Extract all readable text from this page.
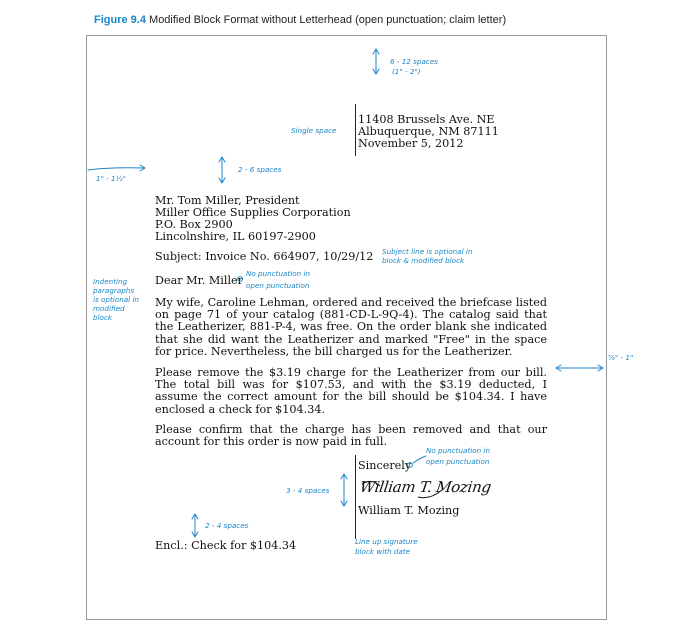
Figure 9.4 Modified Block Format without Letterhead (open punctuation; claim letter)
11408 Brussels Ave. NE
Albuquerque, NM 87111
November 5, 2012
Mr. Tom Miller, President
Miller Office Supplies Corporation
P.O. Box 2900
Lincolnshire, IL 60197-2900
Subject: Invoice No. 664907, 10/29/12
Dear Mr. Miller
My wife, Caroline Lehman, ordered and received the briefcase listed on page 71 of your catalog (881-CD-L-9Q-4). The catalog said that the Leatherizer, 881-P-4, was free. On the order blank she indicated that she did want the Leatherizer and marked "Free" in the space for price. Nevertheless, the bill charged us for the Leatherizer.
Please remove the $3.19 charge for the Leatherizer from our bill. The total bill was for $107.53, and with the $3.19 deducted, I assume the correct amount for the bill should be $104.34. I have enclosed a check for $104.34.
Please confirm that the charge has been removed and that our account for this order is now paid in full.
Sincerely
William T. Mozing
William T. Mozing
Encl.: Check for $104.34
6 - 12 spaces
(1" - 2")
Single space
2 - 6 spaces
1" - 1½"
Subject line is optional in
block & modified block
No punctuation in
open punctuation
Indenting
paragraphs
is optional in
modified
block
⅝" - 1"
No punctuation in
open punctuation
3 - 4 spaces
2 - 4 spaces
Line up signature
block with date
